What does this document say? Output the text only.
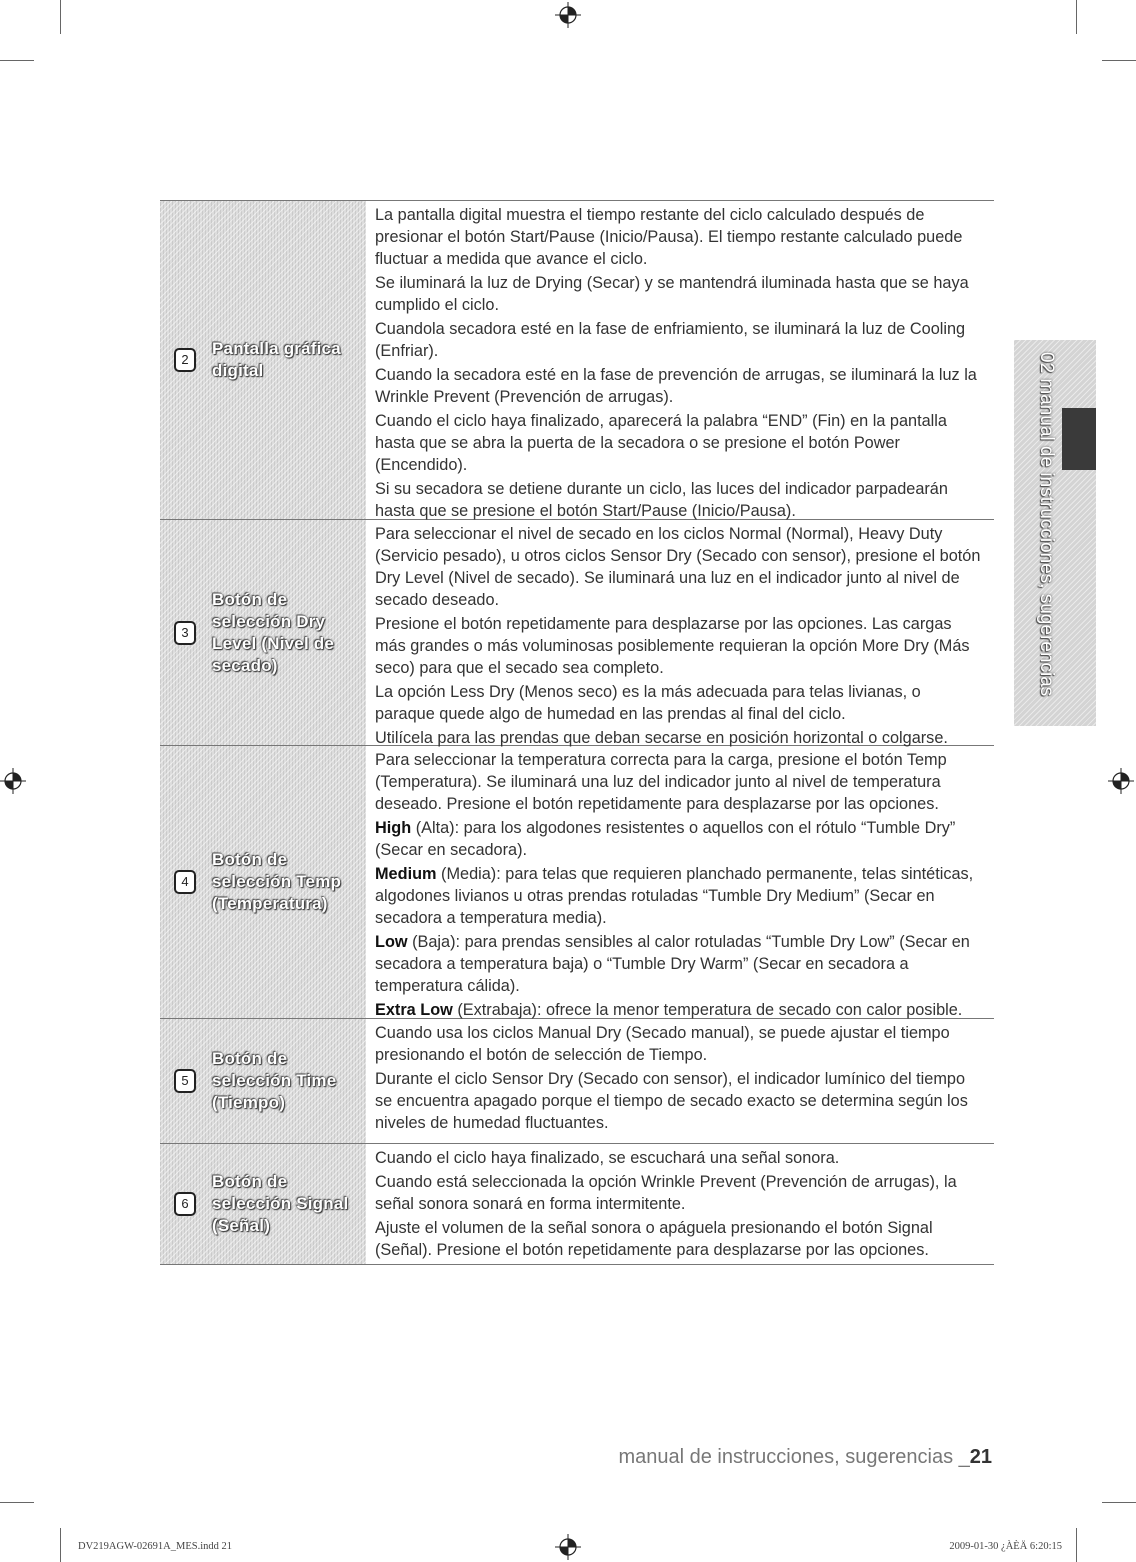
2
Pantalla gráfica digital

La pantalla digital muestra el tiempo restante del ciclo calculado después de presionar el botón Start/Pause (Inicio/Pausa). El tiempo restante calculado puede fluctuar a medida que avance el ciclo.

Se iluminará la luz de Drying (Secar) y se mantendrá iluminada hasta que se haya cumplido el ciclo.

Cuandola secadora esté en la fase de enfriamiento, se iluminará la luz de Cooling (Enfriar).

Cuando la secadora esté en la fase de prevención de arrugas, se iluminará la luz la Wrinkle Prevent (Prevención de arrugas).

Cuando el ciclo haya finalizado, aparecerá la palabra “END” (Fin) en la pantalla hasta que se abra la puerta de la secadora o se presione el botón Power (Encendido).

Si su secadora se detiene durante un ciclo, las luces del indicador parpadearán hasta que se presione el botón Start/Pause (Inicio/Pausa).

3
Botón de selección Dry Level (Nivel de secado)

Para seleccionar el nivel de secado en los ciclos Normal (Normal), Heavy Duty (Servicio pesado), u otros ciclos Sensor Dry (Secado con sensor), presione el botón Dry Level (Nivel de secado). Se iluminará una luz en el indicador junto al nivel de secado deseado.

Presione el botón repetidamente para desplazarse por las opciones. Las cargas más grandes o más voluminosas posiblemente requieran la opción More Dry (Más seco) para que el secado sea completo.

La opción Less Dry (Menos seco) es la más adecuada para telas livianas, o paraque quede algo de humedad en las prendas al final del ciclo.

Utilícela para las prendas que deban secarse en posición horizontal o colgarse.

4
Botón de selección Temp (Temperatura)

Para seleccionar la temperatura correcta para la carga, presione el botón Temp (Temperatura). Se iluminará una luz del indicador junto al nivel de temperatura deseado. Presione el botón repetidamente para desplazarse por las opciones.

High (Alta): para los algodones resistentes o aquellos con el rótulo “Tumble Dry” (Secar en secadora).

Medium (Media): para telas que requieren planchado permanente, telas sintéticas, algodones livianos u otras prendas rotuladas “Tumble Dry Medium” (Secar en secadora a temperatura media).

Low (Baja): para prendas sensibles al calor rotuladas “Tumble Dry Low” (Secar en secadora a temperatura baja) o “Tumble Dry Warm” (Secar en secadora a temperatura cálida).

Extra Low (Extrabaja): ofrece la menor temperatura de secado con calor posible.

5
Botón de selección Time (Tiempo)

Cuando usa los ciclos Manual Dry (Secado manual), se puede ajustar el tiempo presionando el botón de selección de Tiempo.

Durante el ciclo Sensor Dry (Secado con sensor), el indicador lumínico del tiempo se encuentra apagado porque el tiempo de secado exacto se determina según los niveles de humedad fluctuantes.

6
Botón de selección Signal (Señal)

Cuando el ciclo haya finalizado, se escuchará una señal sonora.

Cuando está seleccionada la opción Wrinkle Prevent (Prevención de arrugas), la señal sonora sonará en forma intermitente.

Ajuste el volumen de la señal sonora o apáguela presionando el botón Signal (Señal). Presione el botón repetidamente para desplazarse por las opciones.

02 manual de instrucciones, sugerencias
manual de instrucciones, sugerencias _21
DV219AGW-02691A_MES.indd 21	2009-01-30 ¿ÀÈÄ 6:20:15
